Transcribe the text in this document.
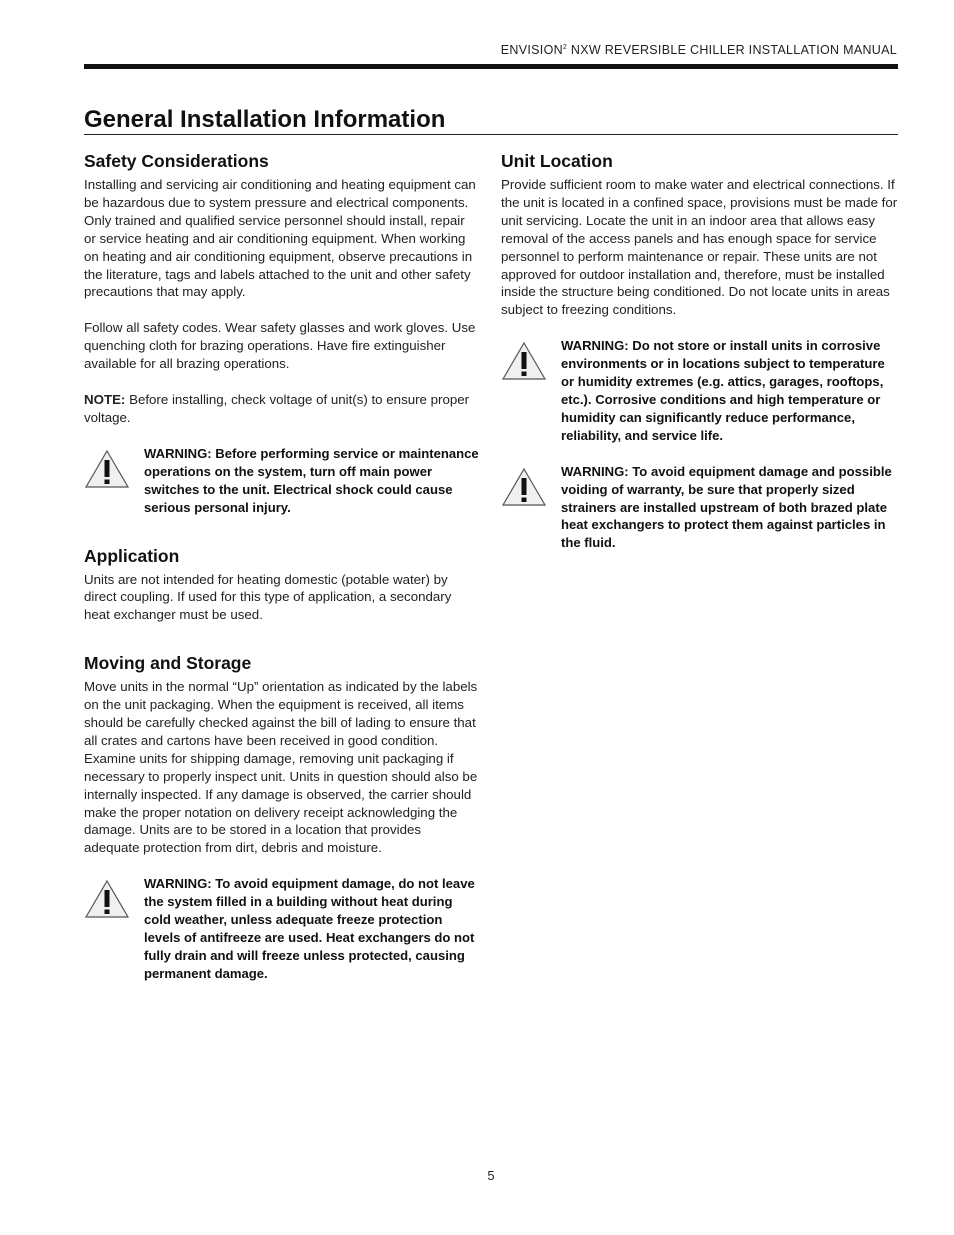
ENVISION$^2$ NXW REVERSIBLE CHILLER INSTALLATION MANUAL
General Installation Information
Safety Considerations

Installing and servicing air conditioning and heating equipment can be hazardous due to system pressure and electrical components. Only trained and qualified service personnel should install, repair or service heating and air conditioning equipment. When working on heating and air conditioning equipment, observe precautions in the literature, tags and labels attached to the unit and other safety precautions that may apply.

Follow all safety codes. Wear safety glasses and work gloves. Use quenching cloth for brazing operations. Have fire extinguisher available for all brazing operations.

NOTE: Before installing, check voltage of unit(s) to ensure proper voltage.

WARNING: Before performing service or maintenance operations on the system, turn off main power switches to the unit. Electrical shock could cause serious personal injury.
Application

Units are not intended for heating domestic (potable water) by direct coupling. If used for this type of application, a secondary heat exchanger must be used.

Moving and Storage

Move units in the normal “Up” orientation as indicated by the labels on the unit packaging. When the equipment is received, all items should be carefully checked against the bill of lading to ensure that all crates and cartons have been received in good condition. Examine units for shipping damage, removing unit packaging if necessary to properly inspect unit. Units in question should also be internally inspected. If any damage is observed, the carrier should make the proper notation on delivery receipt acknowledging the damage. Units are to be stored in a location that provides adequate protection from dirt, debris and moisture.

WARNING: To avoid equipment damage, do not leave the system filled in a building without heat during cold weather, unless adequate freeze protection levels of antifreeze are used. Heat exchangers do not fully drain and will freeze unless protected, causing permanent damage.
Unit Location

Provide sufficient room to make water and electrical connections. If the unit is located in a confined space, provisions must be made for unit servicing. Locate the unit in an indoor area that allows easy removal of the access panels and has enough space for service personnel to perform maintenance or repair. These units are not approved for outdoor installation and, therefore, must be installed inside the structure being conditioned. Do not locate units in areas subject to freezing conditions.

WARNING: Do not store or install units in corrosive environments or in locations subject to temperature or humidity extremes (e.g. attics, garages, rooftops, etc.). Corrosive conditions and high temperature or humidity can significantly reduce performance, reliability, and service life.
WARNING: To avoid equipment damage and possible voiding of warranty, be sure that properly sized strainers are installed upstream of both brazed plate heat exchangers to protect them against particles in the fluid.
5
